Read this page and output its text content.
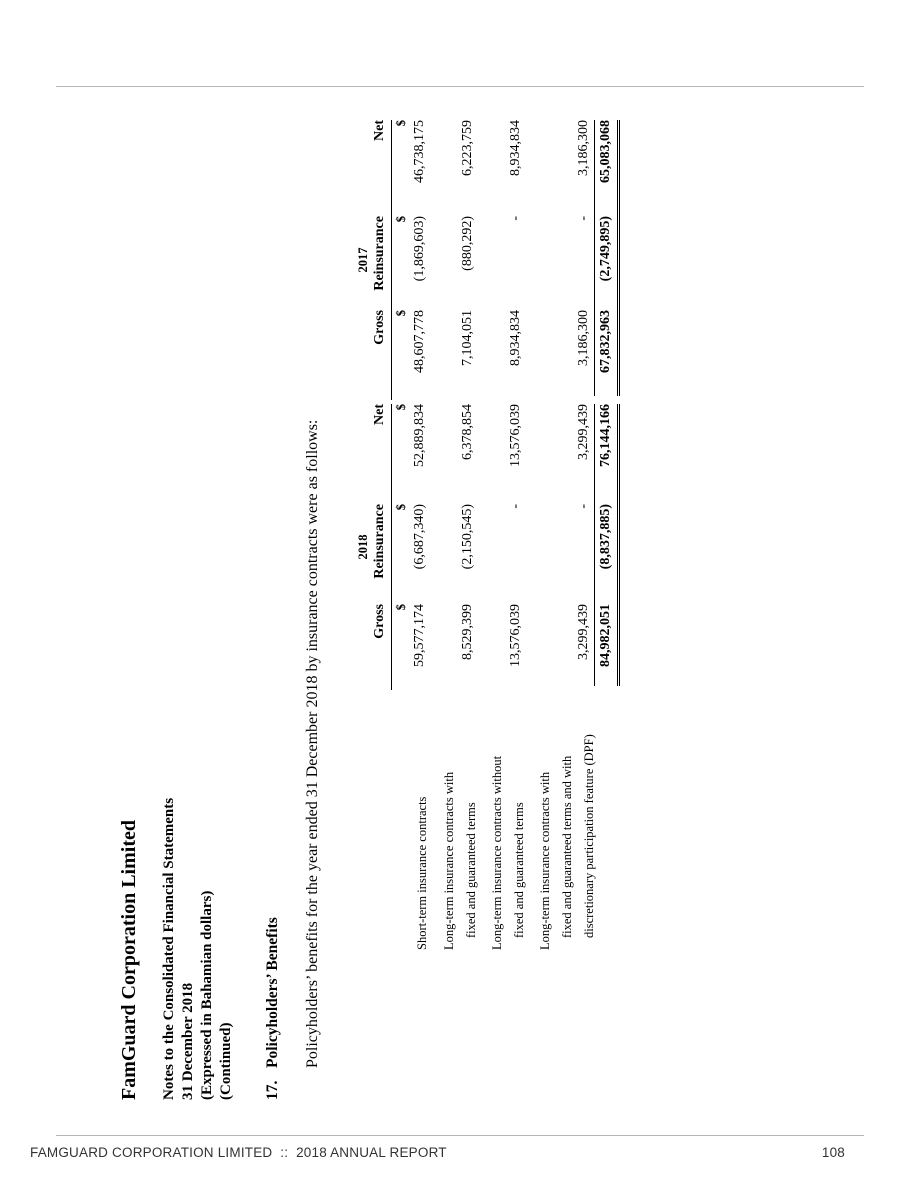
FamGuard Corporation Limited Notes to the Consolidated Financial Statements 31 December 2018 (Expressed in Bahamian dollars) (Continued) 17.Policyholders’ Benefits Policyholders’ benefits for the year ended 31 December 2018 by insurance contracts were as follows:	2018
2017
Gross
Reinsurance
Net
Gross
Reinsurance
Net
$
$
$
$
$
$
Short-term insurance contracts
59,577,174
(6,687,340)
52,889,834
48,607,778
(1,869,603)
46,738,175
Long-term insurance contracts with fixed and guaranteed terms
8,529,399
(2,150,545)
6,378,854
7,104,051
(880,292)
6,223,759
Long-term insurance contracts without fixed and guaranteed terms
13,576,039
-
13,576,039
8,934,834
-
8,934,834
Long-term insurance contracts with fixed and guaranteed terms and with discretionary participation feature (DPF)
3,299,439
-
3,299,439
3,186,300
-
3,186,300
84,982,051
(8,837,885)
76,144,166
67,832,963
(2,749,895)
65,083,068
FAMGUARD CORPORATION LIMITED  ::  2018 ANNUAL REPORT	108
